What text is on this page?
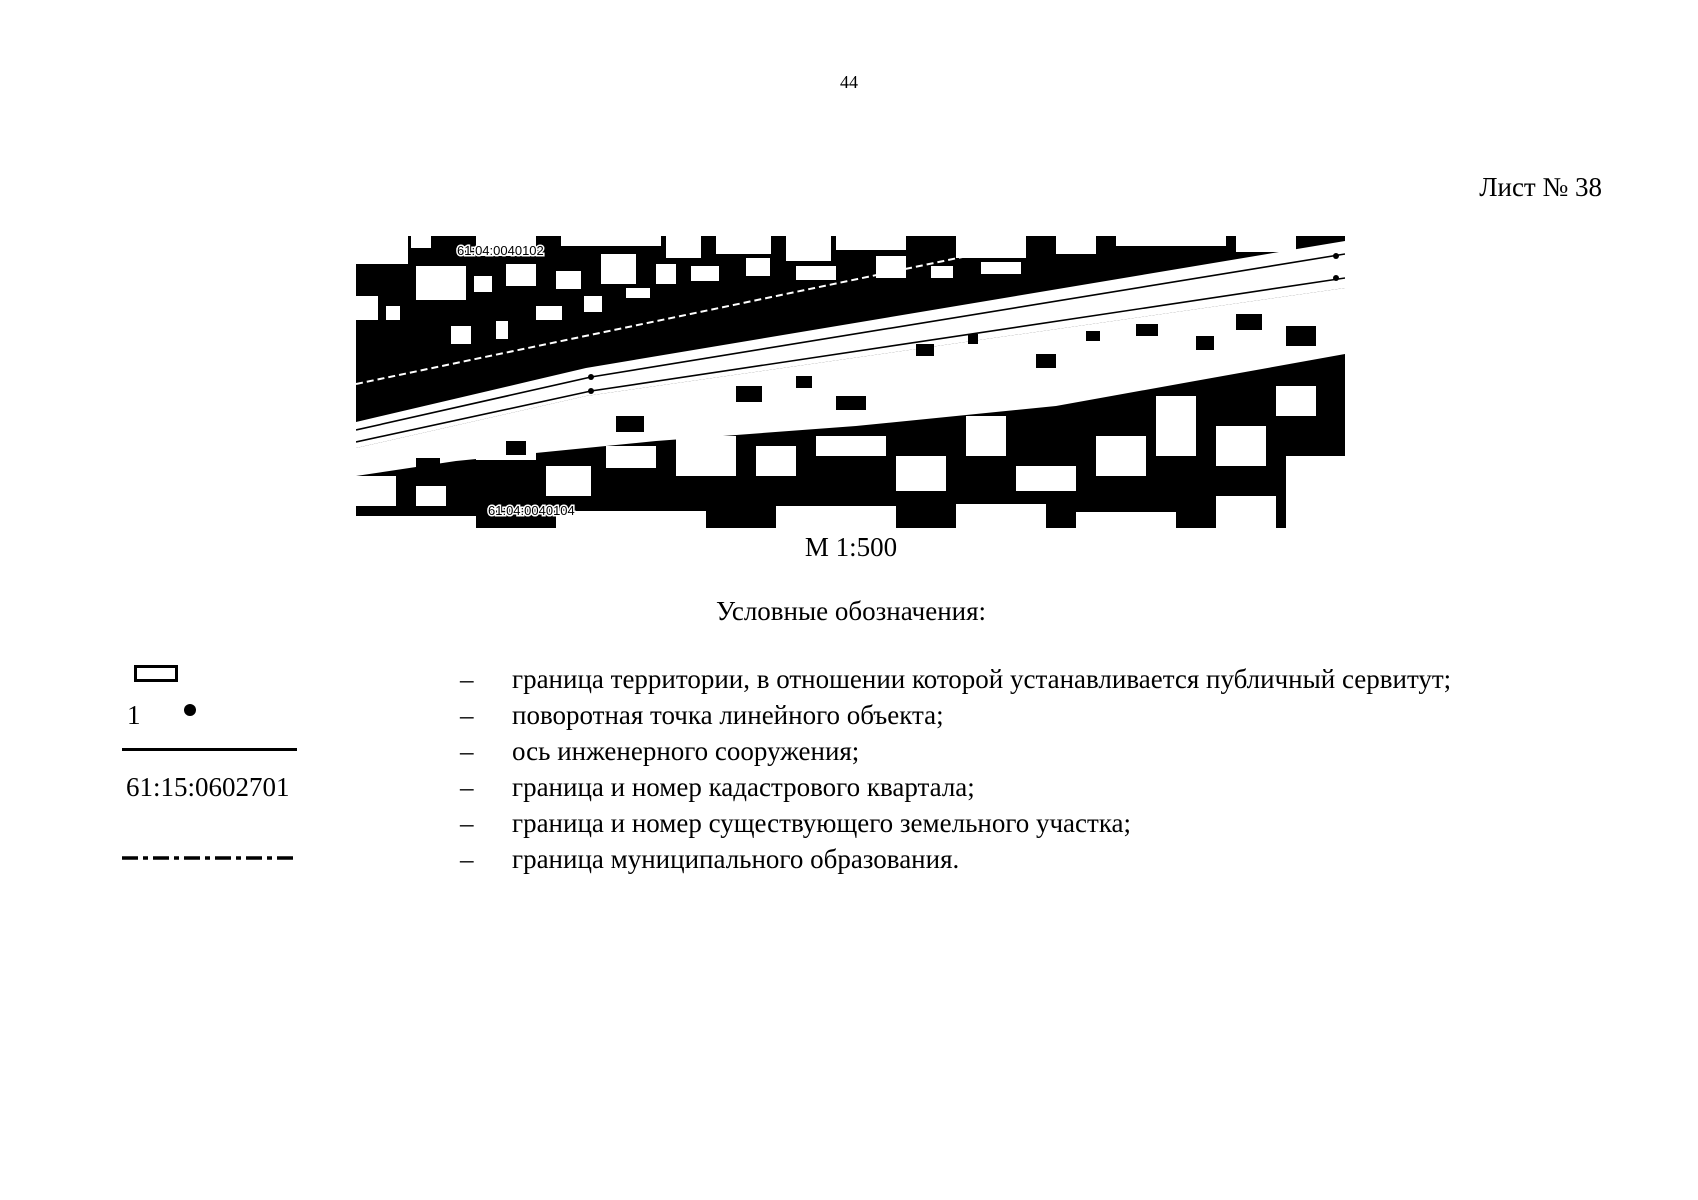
44
Лист № 38
61:04:0040102
61:04:0040104
М 1:500
Условные обозначения:
– граница территории, в отношении которой устанавливается публичный сервитут;
1	– поворотная точка линейного объекта;
– ось инженерного сооружения;
61:15:0602701	– граница и номер кадастрового квартала;
– граница и номер существующего земельного участка;
– граница муниципального образования.
